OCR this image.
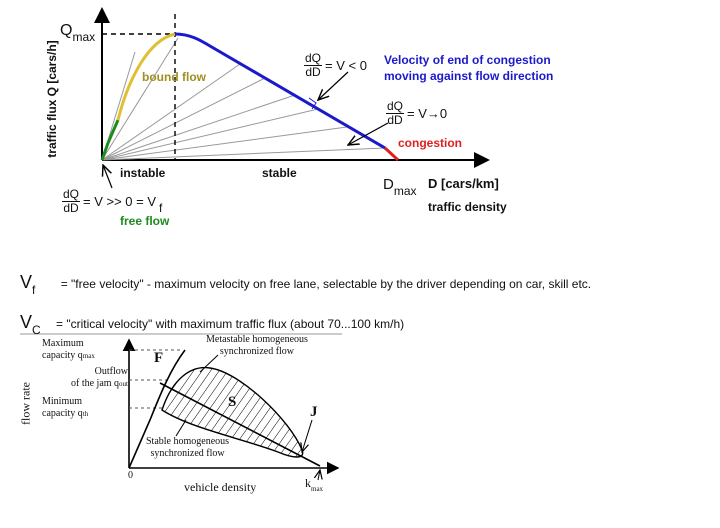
traffic flux Q [cars/h]
$Q_{max}$
bound flow
instable	stable
congestion
$D_{max}$ D [cars/km]
traffic density
Velocity of end of congestion
moving against flow direction
$\frac{dQ}{dD} = V < 0$
$\frac{dQ}{dD} = V\to 0$
$\frac{dQ}{dD} = V >> 0 = V$ f
free flow
Vf = "free velocity" - maximum velocity on free lane, selectable by the driver depending on car, skill etc.
VC = "critical velocity" with maximum traffic flux (about 70...100 km/h)
flow rate
Maximum
capacity qmax
Outflow
of the jam qout
Minimum
capacity qth
F
S
J
Metastable homogeneous
synchronized flow
Stable homogeneous
synchronized flow
0
$k_{max}$
vehicle density
